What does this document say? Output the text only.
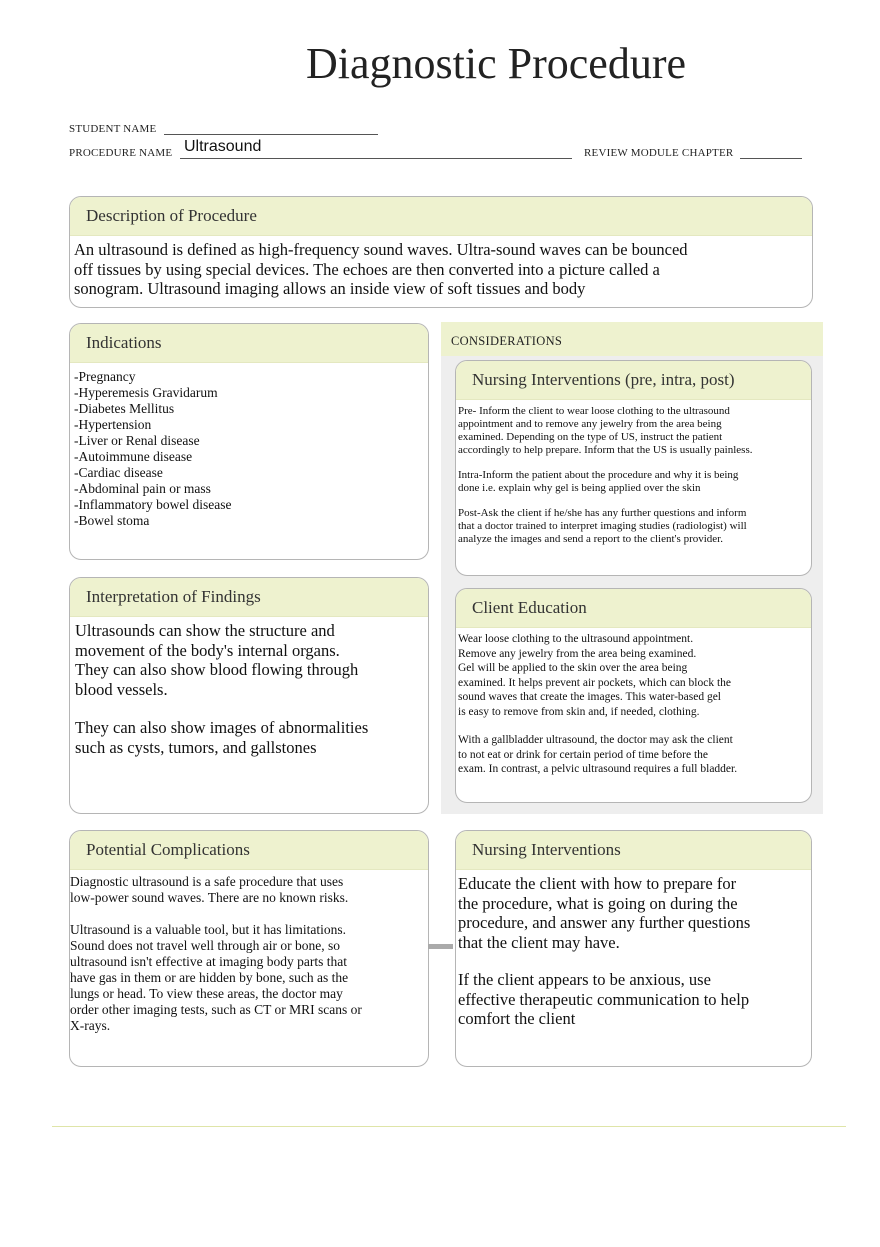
Diagnostic Procedure
STUDENT NAME
PROCEDURE NAME Ultrasound	REVIEW MODULE CHAPTER
Description of Procedure
An ultrasound is defined as high-frequency sound waves. Ultra-sound waves can be bounced
off tissues by using special devices. The echoes are then converted into a picture called a
sonogram. Ultrasound imaging allows an inside view of soft tissues and body
Indications
-Pregnancy
-Hyperemesis Gravidarum
-Diabetes Mellitus
-Hypertension
-Liver or Renal disease
-Autoimmune disease
-Cardiac disease
-Abdominal pain or mass
-Inflammatory bowel disease
-Bowel stoma
CONSIDERATIONS
Nursing Interventions (pre, intra, post)
Pre- Inform the client to wear loose clothing to the ultrasound
appointment and to remove any jewelry from the area being
examined. Depending on the type of US, instruct the patient
accordingly to help prepare. Inform that the US is usually painless.
Intra-Inform the patient about the procedure and why it is being
done i.e. explain why gel is being applied over the skin
Post-Ask the client if he/she has any further questions and inform
that a doctor trained to interpret imaging studies (radiologist) will
analyze the images and send a report to the client's provider.
Client Education
Wear loose clothing to the ultrasound appointment.
Remove any jewelry from the area being examined.
Gel will be applied to the skin over the area being
examined. It helps prevent air pockets, which can block the
sound waves that create the images. This water-based gel
is easy to remove from skin and, if needed, clothing.
With a gallbladder ultrasound, the doctor may ask the client
to not eat or drink for certain period of time before the
exam. In contrast, a pelvic ultrasound requires a full bladder.
Interpretation of Findings
Ultrasounds can show the structure and
movement of the body's internal organs.
They can also show blood flowing through
blood vessels.
They can also show images of abnormalities
such as cysts, tumors, and gallstones
Potential Complications
Diagnostic ultrasound is a safe procedure that uses
low-power sound waves. There are no known risks.
Ultrasound is a valuable tool, but it has limitations.
Sound does not travel well through air or bone, so
ultrasound isn't effective at imaging body parts that
have gas in them or are hidden by bone, such as the
lungs or head. To view these areas, the doctor may
order other imaging tests, such as CT or MRI scans or
X-rays.
Nursing Interventions
Educate the client with how to prepare for
the procedure, what is going on during the
procedure, and answer any further questions
that the client may have.
If the client appears to be anxious, use
effective therapeutic communication to help
comfort the client
